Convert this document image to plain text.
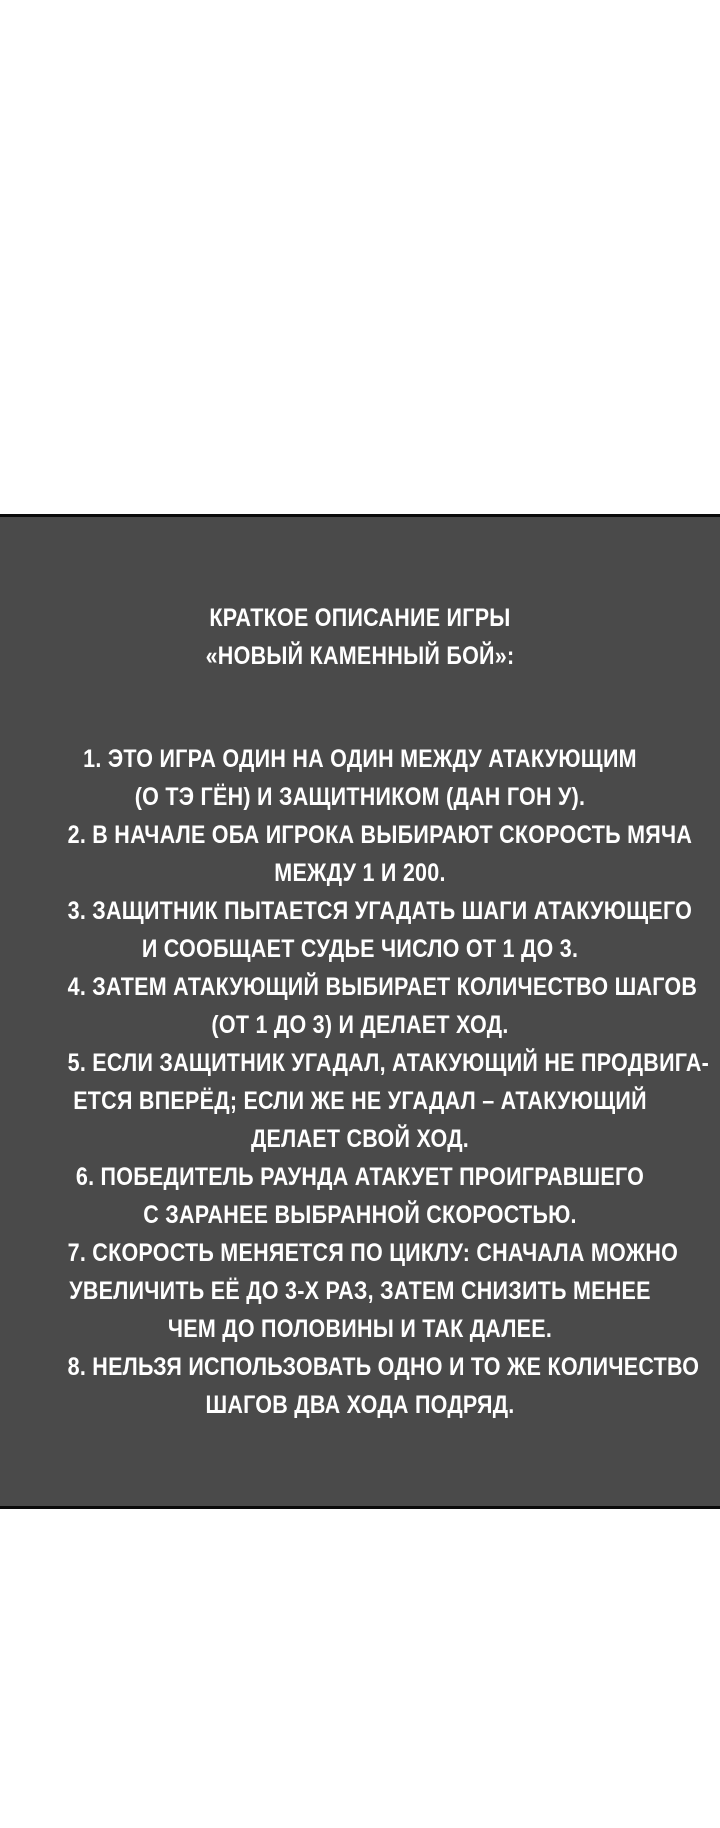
КРАТКОЕ ОПИСАНИЕ ИГРЫ
«НОВЫЙ КАМЕННЫЙ БОЙ»:
1. ЭТО ИГРА ОДИН НА ОДИН МЕЖДУ АТАКУЮЩИМ
(О ТЭ ГЁН) И ЗАЩИТНИКОМ (ДАН ГОН У).
2. В НАЧАЛЕ ОБА ИГРОКА ВЫБИРАЮТ СКОРОСТЬ МЯЧА
МЕЖДУ 1 И 200.
3. ЗАЩИТНИК ПЫТАЕТСЯ УГАДАТЬ ШАГИ АТАКУЮЩЕГО
И СООБЩАЕТ СУДЬЕ ЧИСЛО ОТ 1 ДО 3.
4. ЗАТЕМ АТАКУЮЩИЙ ВЫБИРАЕТ КОЛИЧЕСТВО ШАГОВ
(ОТ 1 ДО 3) И ДЕЛАЕТ ХОД.
5. ЕСЛИ ЗАЩИТНИК УГАДАЛ, АТАКУЮЩИЙ НЕ ПРОДВИГА-
ЕТСЯ ВПЕРЁД; ЕСЛИ ЖЕ НЕ УГАДАЛ – АТАКУЮЩИЙ
ДЕЛАЕТ СВОЙ ХОД.
6. ПОБЕДИТЕЛЬ РАУНДА АТАКУЕТ ПРОИГРАВШЕГО
С ЗАРАНЕЕ ВЫБРАННОЙ СКОРОСТЬЮ.
7. СКОРОСТЬ МЕНЯЕТСЯ ПО ЦИКЛУ: СНАЧАЛА МОЖНО
УВЕЛИЧИТЬ ЕЁ ДО 3-Х РАЗ, ЗАТЕМ СНИЗИТЬ МЕНЕЕ
ЧЕМ ДО ПОЛОВИНЫ И ТАК ДАЛЕЕ.
8. НЕЛЬЗЯ ИСПОЛЬЗОВАТЬ ОДНО И ТО ЖЕ КОЛИЧЕСТВО
ШАГОВ ДВА ХОДА ПОДРЯД.
